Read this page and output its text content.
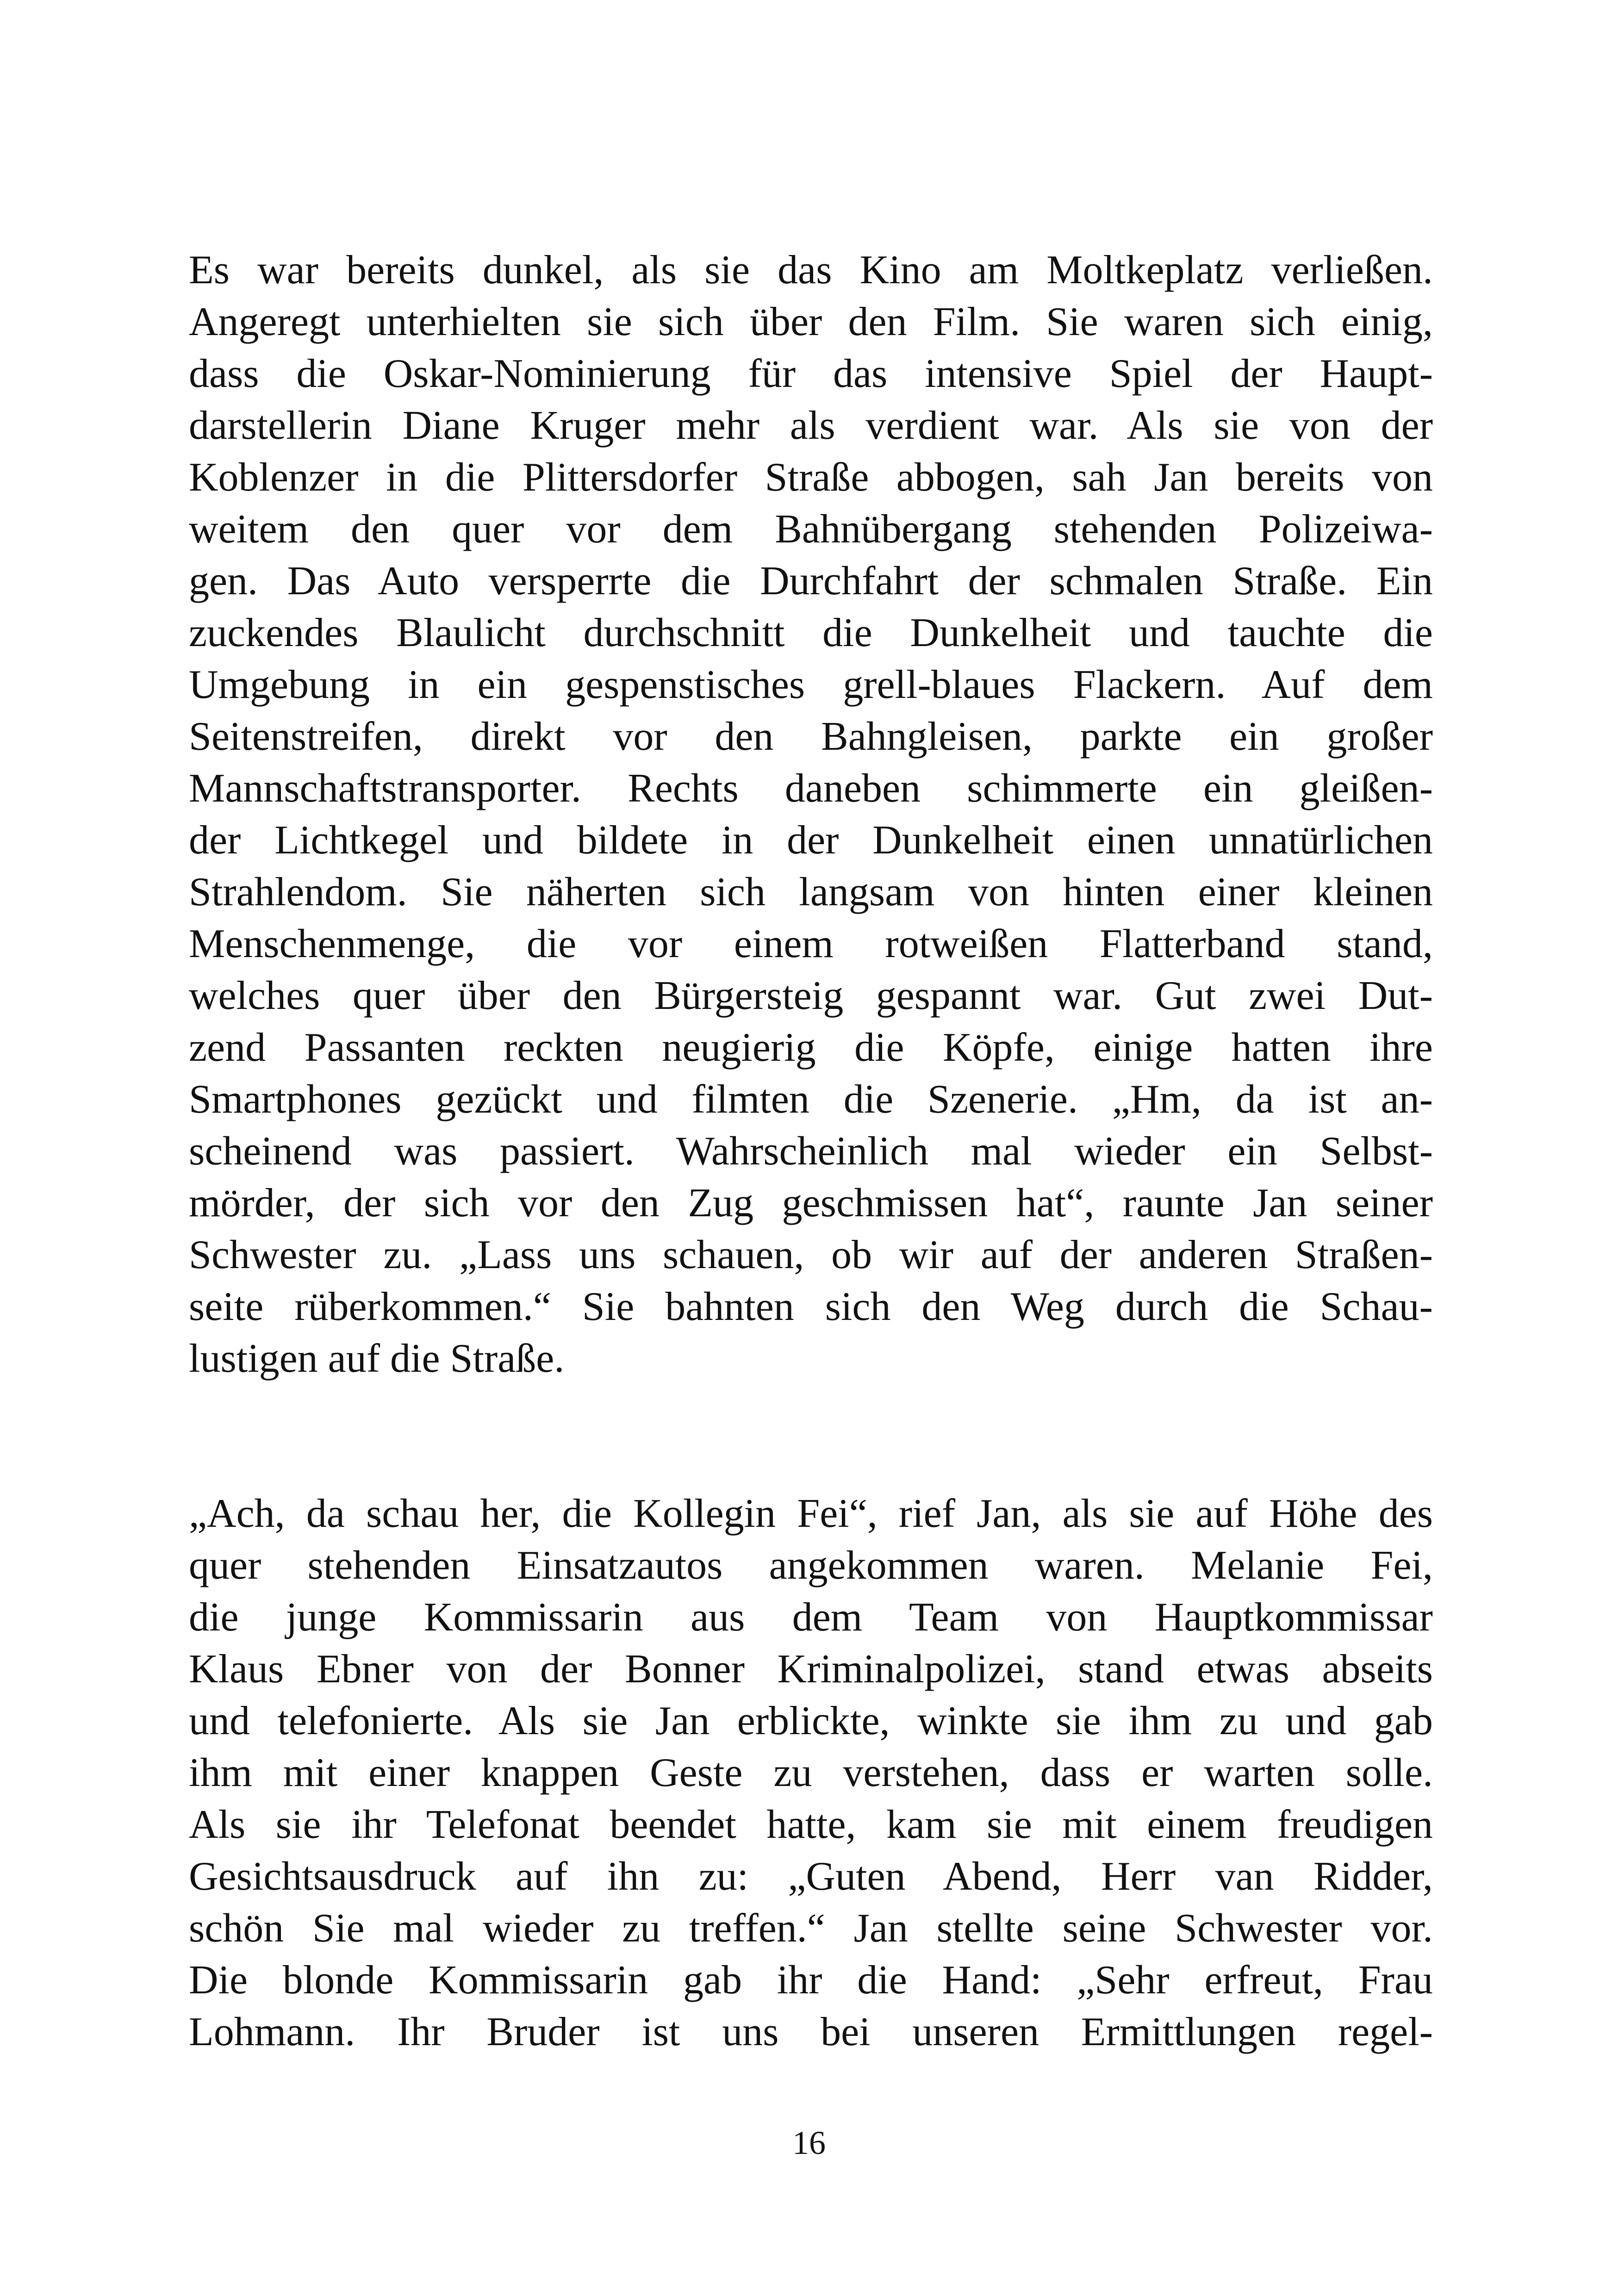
Es war bereits dunkel, als sie das Kino am Moltkeplatz verließen.
Angeregt unterhielten sie sich über den Film. Sie waren sich einig,
dass die Oskar-Nominierung für das intensive Spiel der Haupt-
darstellerin Diane Kruger mehr als verdient war. Als sie von der
Koblenzer in die Plittersdorfer Straße abbogen, sah Jan bereits von
weitem den quer vor dem Bahnübergang stehenden Polizeiwa-
gen. Das Auto versperrte die Durchfahrt der schmalen Straße. Ein
zuckendes Blaulicht durchschnitt die Dunkelheit und tauchte die
Umgebung in ein gespenstisches grell-blaues Flackern. Auf dem
Seitenstreifen, direkt vor den Bahngleisen, parkte ein großer
Mannschaftstransporter. Rechts daneben schimmerte ein gleißen-
der Lichtkegel und bildete in der Dunkelheit einen unnatürlichen
Strahlendom. Sie näherten sich langsam von hinten einer kleinen
Menschenmenge, die vor einem rotweißen Flatterband stand,
welches quer über den Bürgersteig gespannt war. Gut zwei Dut-
zend Passanten reckten neugierig die Köpfe, einige hatten ihre
Smartphones gezückt und filmten die Szenerie. „Hm, da ist an-
scheinend was passiert. Wahrscheinlich mal wieder ein Selbst-
mörder, der sich vor den Zug geschmissen hat“, raunte Jan seiner
Schwester zu. „Lass uns schauen, ob wir auf der anderen Straßen-
seite rüberkommen.“ Sie bahnten sich den Weg durch die Schau-
lustigen auf die Straße.
„Ach, da schau her, die Kollegin Fei“, rief Jan, als sie auf Höhe des
quer stehenden Einsatzautos angekommen waren. Melanie Fei,
die junge Kommissarin aus dem Team von Hauptkommissar
Klaus Ebner von der Bonner Kriminalpolizei, stand etwas abseits
und telefonierte. Als sie Jan erblickte, winkte sie ihm zu und gab
ihm mit einer knappen Geste zu verstehen, dass er warten solle.
Als sie ihr Telefonat beendet hatte, kam sie mit einem freudigen
Gesichtsausdruck auf ihn zu: „Guten Abend, Herr van Ridder,
schön Sie mal wieder zu treffen.“ Jan stellte seine Schwester vor.
Die blonde Kommissarin gab ihr die Hand: „Sehr erfreut, Frau
Lohmann. Ihr Bruder ist uns bei unseren Ermittlungen regel-
16
